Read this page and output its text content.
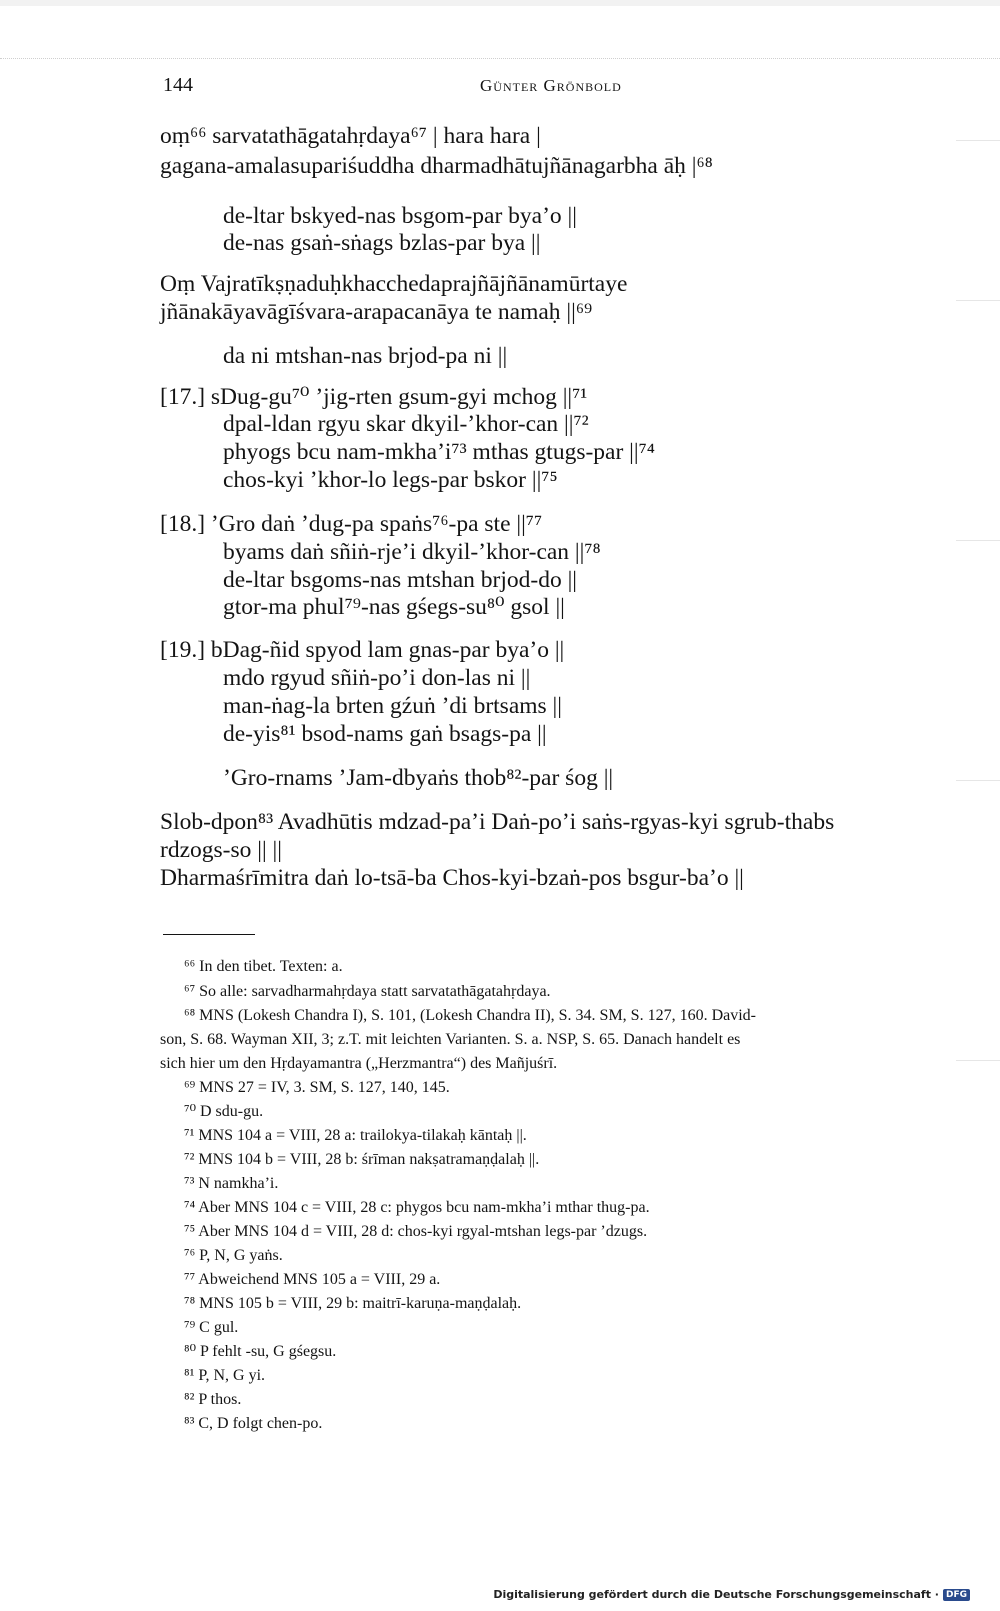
144	Günter Grönbold
oṃ⁶⁶ sarvatathāgatahṛdaya⁶⁷ | hara hara |
gagana-amalasupariśuddha dharmadhātujñānagarbha āḥ |⁶⁸
de-ltar bskyed-nas bsgom-par bya’o ||
de-nas gsaṅ-sṅags bzlas-par bya ||
Oṃ Vajratīkṣṇaduḥkhacchedaprajñājñānamūrtaye
jñānakāyavāgīśvara-arapacanāya te namaḥ ||⁶⁹
da ni mtshan-nas brjod-pa ni ||
[17.] sDug-gu⁷⁰ ’jig-rten gsum-gyi mchog ||⁷¹
dpal-ldan rgyu skar dkyil-’khor-can ||⁷²
phyogs bcu nam-mkha’i⁷³ mthas gtugs-par ||⁷⁴
chos-kyi ’khor-lo legs-par bskor ||⁷⁵
[18.] ’Gro daṅ ’dug-pa spaṅs⁷⁶-pa ste ||⁷⁷
byams daṅ sñiṅ-rje’i dkyil-’khor-can ||⁷⁸
de-ltar bsgoms-nas mtshan brjod-do ||
gtor-ma phul⁷⁹-nas gśegs-su⁸⁰ gsol ||
[19.] bDag-ñid spyod lam gnas-par bya’o ||
mdo rgyud sñiṅ-po’i don-las ni ||
man-ṅag-la brten gźuṅ ’di brtsams ||
de-yis⁸¹ bsod-nams gaṅ bsags-pa ||
’Gro-rnams ’Jam-dbyaṅs thob⁸²-par śog ||
Slob-dpon⁸³ Avadhūtis mdzad-pa’i Daṅ-po’i saṅs-rgyas-kyi sgrub-thabs
rdzogs-so || ||
Dharmaśrīmitra daṅ lo-tsā-ba Chos-kyi-bzaṅ-pos bsgur-ba’o ||
⁶⁶ In den tibet. Texten: a.
⁶⁷ So alle: sarvadharmahṛdaya statt sarvatathāgatahṛdaya.
⁶⁸ MNS (Lokesh Chandra I), S. 101, (Lokesh Chandra II), S. 34. SM, S. 127, 160. David-
son, S. 68. Wayman XII, 3; z.T. mit leichten Varianten. S. a. NSP, S. 65. Danach handelt es
sich hier um den Hṛdayamantra („Herzmantra“) des Mañjuśrī.
⁶⁹ MNS 27 = IV, 3. SM, S. 127, 140, 145.
⁷⁰ D sdu-gu.
⁷¹ MNS 104 a = VIII, 28 a: trailokya-tilakaḥ kāntaḥ ||.
⁷² MNS 104 b = VIII, 28 b: śrīman nakṣatramaṇḍalaḥ ||.
⁷³ N namkha’i.
⁷⁴ Aber MNS 104 c = VIII, 28 c: phygos bcu nam-mkha’i mthar thug-pa.
⁷⁵ Aber MNS 104 d = VIII, 28 d: chos-kyi rgyal-mtshan legs-par ’dzugs.
⁷⁶ P, N, G yaṅs.
⁷⁷ Abweichend MNS 105 a = VIII, 29 a.
⁷⁸ MNS 105 b = VIII, 29 b: maitrī-karuṇa-maṇḍalaḥ.
⁷⁹ C gul.
⁸⁰ P fehlt -su, G gśegsu.
⁸¹ P, N, G yi.
⁸² P thos.
⁸³ C, D folgt chen-po.
Digitalisierung gefördert durch die Deutsche Forschungsgemeinschaft · DFG
